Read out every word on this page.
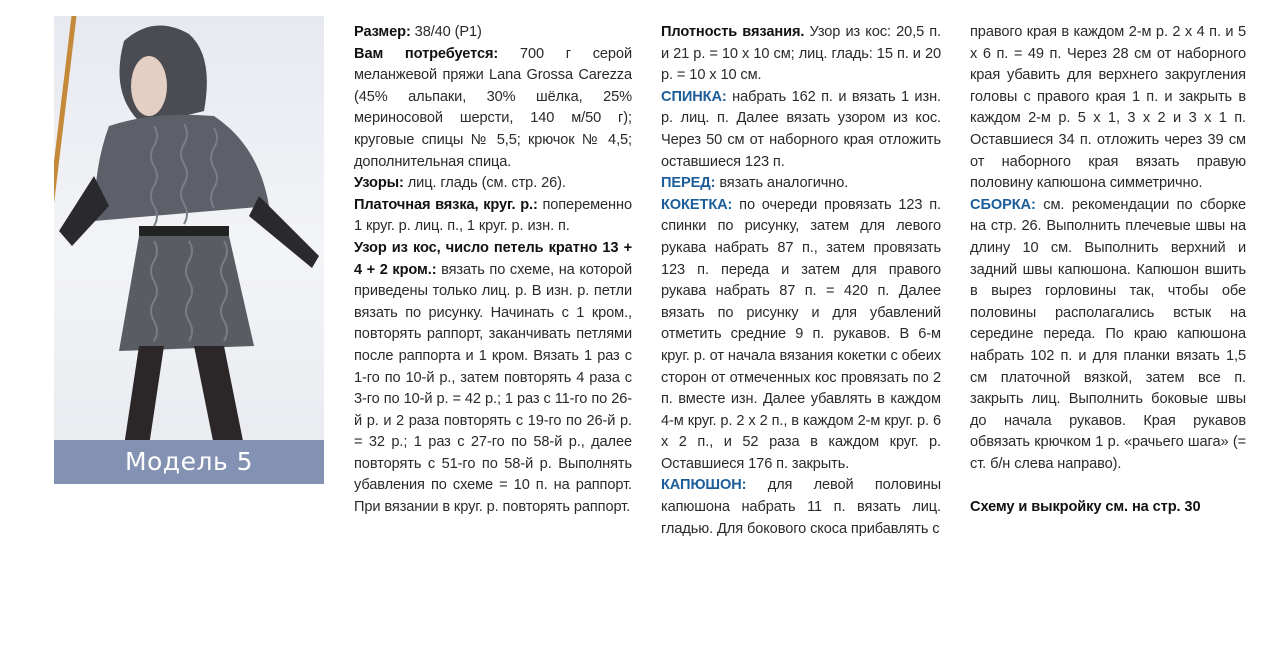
Модель 5

Размер: 38/40 (P1)

Вам потребуется: 700 г серой меланжевой пряжи Lana Grossa Carezza (45% альпаки, 30% шёлка, 25% мериносовой шерсти, 140 м/50 г); круговые спицы № 5,5; крючок № 4,5; дополнительная спица.

Узоры: лиц. гладь (см. стр. 26).

Платочная вязка, круг. р.: попеременно 1 круг. р. лиц. п., 1 круг. р. изн. п.

Узор из кос, число петель кратно 13 + 4 + 2 кром.: вязать по схеме, на которой приведены только лиц. р. В изн. р. петли вязать по рисунку. Начинать с 1 кром., повторять раппорт, заканчивать петлями после раппорта и 1 кром. Вязать 1 раз с 1-го по 10-й р., затем повторять 4 раза с 3-го по 10-й р. = 42 р.; 1 раз с 11-го по 26-й р. и 2 раза повторять с 19-го по 26-й р. = 32 р.; 1 раз с 27-го по 58-й р., далее повторять с 51-го по 58-й р. Выполнять убавления по схеме = 10 п. на раппорт. При вязании в круг. р. повторять раппорт.

Плотность вязания. Узор из кос: 20,5 п. и 21 р. = 10 х 10 см; лиц. гладь: 15 п. и 20 р. = 10 х 10 см.

СПИНКА: набрать 162 п. и вязать 1 изн. р. лиц. п. Далее вязать узором из кос. Через 50 см от наборного края отложить оставшиеся 123 п.

ПЕРЕД: вязать аналогично.

КОКЕТКА: по очереди провязать 123 п. спинки по рисунку, затем для левого рукава набрать 87 п., затем провязать 123 п. переда и затем для правого рукава набрать 87 п. = 420 п. Далее вязать по рисунку и для убавлений отметить средние 9 п. рукавов. В 6-м круг. р. от начала вязания кокетки с обеих сторон от отмеченных кос провязать по 2 п. вместе изн. Далее убавлять в каждом 4-м круг. р. 2 х 2 п., в каждом 2-м круг. р. 6 х 2 п., и 52 раза в каждом круг. р. Оставшиеся 176 п. закрыть.

КАПЮШОН: для левой половины капюшона набрать 11 п. вязать лиц. гладью. Для бокового скоса прибавлять с

правого края в каждом 2-м р. 2 х 4 п. и 5 х 6 п. = 49 п. Через 28 см от наборного края убавить для верхнего закругления головы с правого края 1 п. и закрыть в каждом 2-м р. 5 х 1, 3 х 2 и 3 х 1 п. Оставшиеся 34 п. отложить через 39 см от наборного края вязать правую половину капюшона симметрично.

СБОРКА: см. рекомендации по сборке на стр. 26. Выполнить плечевые швы на длину 10 см. Выполнить верхний и задний швы капюшона. Капюшон вшить в вырез горловины так, чтобы обе половины располагались встык на середине переда. По краю капюшона набрать 102 п. и для планки вязать 1,5 см платочной вязкой, затем все п. закрыть лиц. Выполнить боковые швы до начала рукавов. Края рукавов обвязать крючком 1 р. «рачьего шага» (= ст. б/н слева направо).

Схему и выкройку см. на стр. 30
